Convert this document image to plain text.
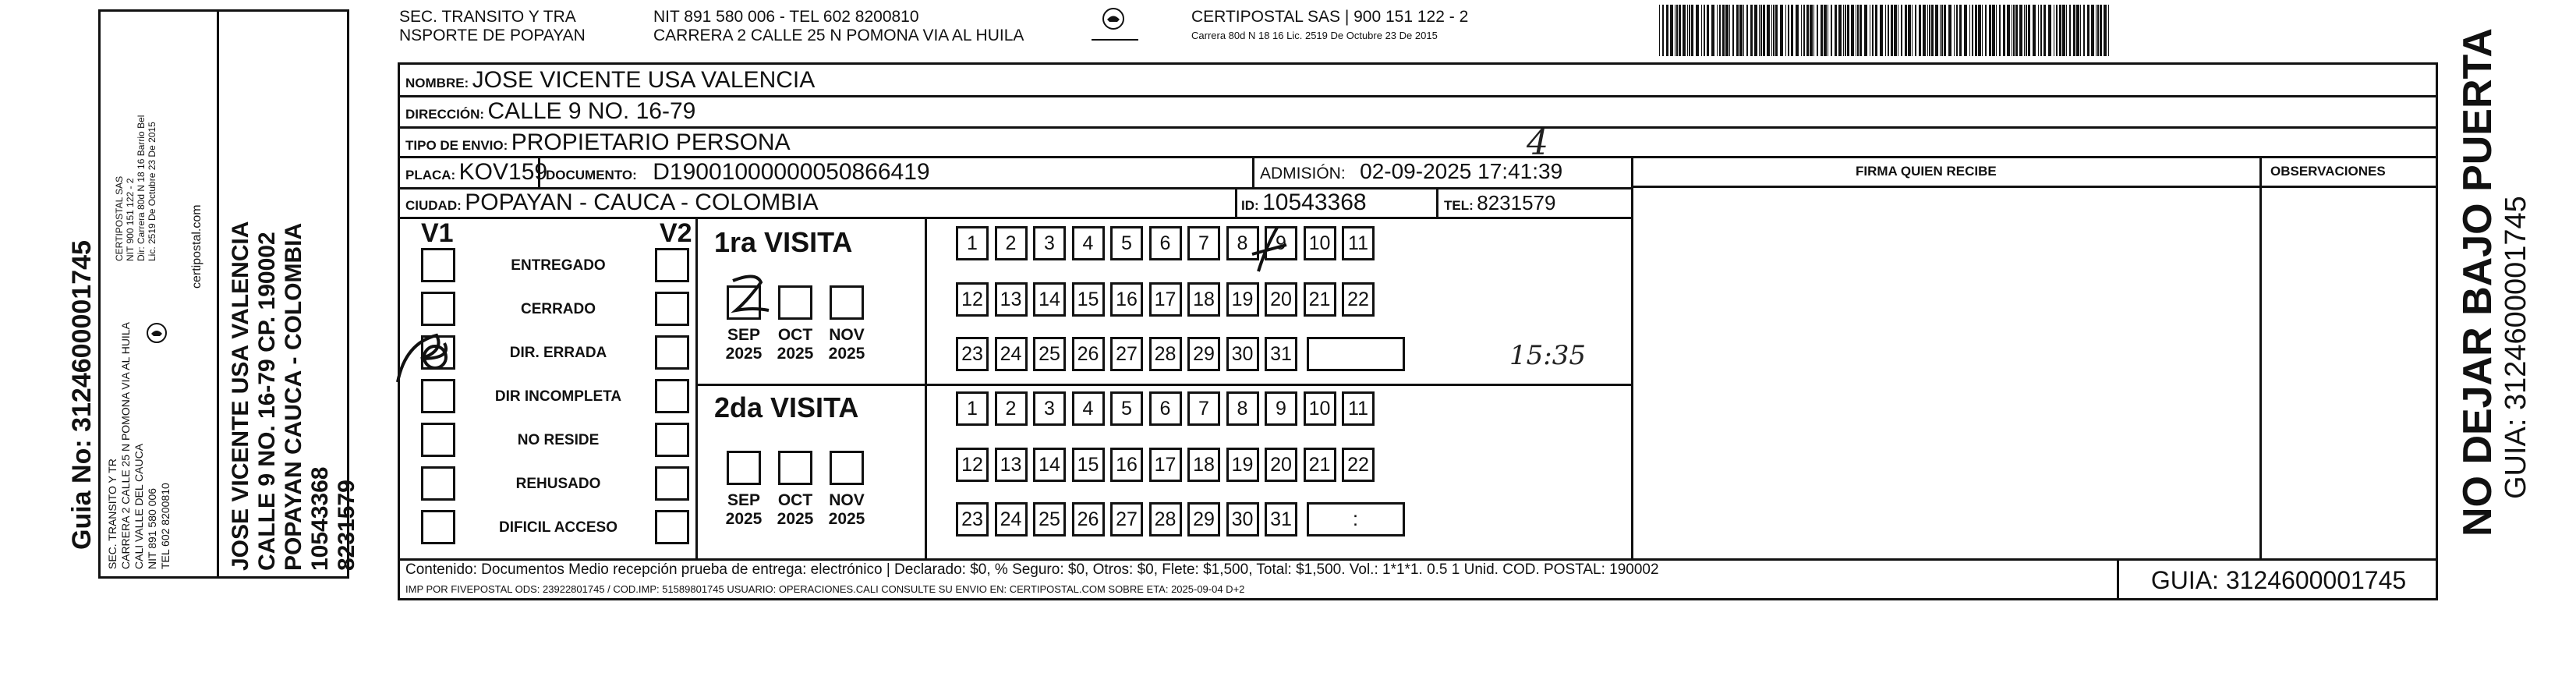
Guia No: 3124600001745 SEC. TRANSITO Y TR CARRERA 2 CALLE 25 N POMONA VIA AL HUILA CALI VALLE DEL CAUCA NIT 891 580 006 TEL 602 8200810
CERTIPOSTAL SAS NIT 900 151 122 - 2 Dir: Carrera 80d N 18 16 Barrio Bel Lic. 2519 De Octubre 23 De 2015	certipostal.com JOSE VICENTE USA VALENCIA CALLE 9 NO. 16-79 CP. 190002 POPAYAN CAUCA - COLOMBIA 10543368 8231579
SEC. TRANSITO Y TRA
NSPORTE DE POPAYAN
NIT 891 580 006 - TEL 602 8200810
CARRERA 2 CALLE 25 N POMONA VIA AL HUILA
CERTIPOSTAL SAS | 900 151 122 - 2
Carrera 80d N 18 16 Lic. 2519 De Octubre 23 De 2015
NOMBRE: JOSE VICENTE USA VALENCIA
DIRECCIÓN: CALLE 9 NO. 16-79
TIPO DE ENVIO: PROPIETARIO PERSONA	4
FIRMA QUIEN RECIBE	OBSERVACIONES
PLACA: KOV159
DOCUMENTO: D19001000000050866419	ADMISIÓN: 02-09-2025 17:41:39
CIUDAD: POPAYAN - CAUCA - COLOMBIA	ID: 10543368	TEL: 8231579
V1	V2
ENTREGADO
CERRADO
DIR. ERRADA
DIR INCOMPLETA
NO RESIDE
REHUSADO
DIFICIL ACCESO
1ra VISITA
2da VISITA
SEP
2025
OCT
2025
NOV
2025
1	2	3	4	5	6	7	8	9	10 11
12 13 14 15 16 17 18 19 20 21 22
23 24 25 26 27 28 29 30 31
SEP
2025
OCT
2025
NOV
2025
1	2	3	4	5	6	7	8	9	10 11
12 13 14 15 16 17 18 19 20 21 22
23 24 25 26 27 28 29 30 31	:
15:35
Contenido: Documentos Medio recepción prueba de entrega: electrónico | Declarado: $0, % Seguro: $0, Otros: $0, Flete: $1,500, Total: $1,500. Vol.: 1*1*1. 0.5 1 Unid. COD. POSTAL: 190002
IMP POR FIVEPOSTAL ODS: 23922801745 / COD.IMP: 51589801745 USUARIO: OPERACIONES.CALI CONSULTE SU ENVIO EN: CERTIPOSTAL.COM SOBRE ETA: 2025-09-04 D+2	GUIA: 3124600001745
NO DEJAR BAJO PUERTA GUIA: 3124600001745
